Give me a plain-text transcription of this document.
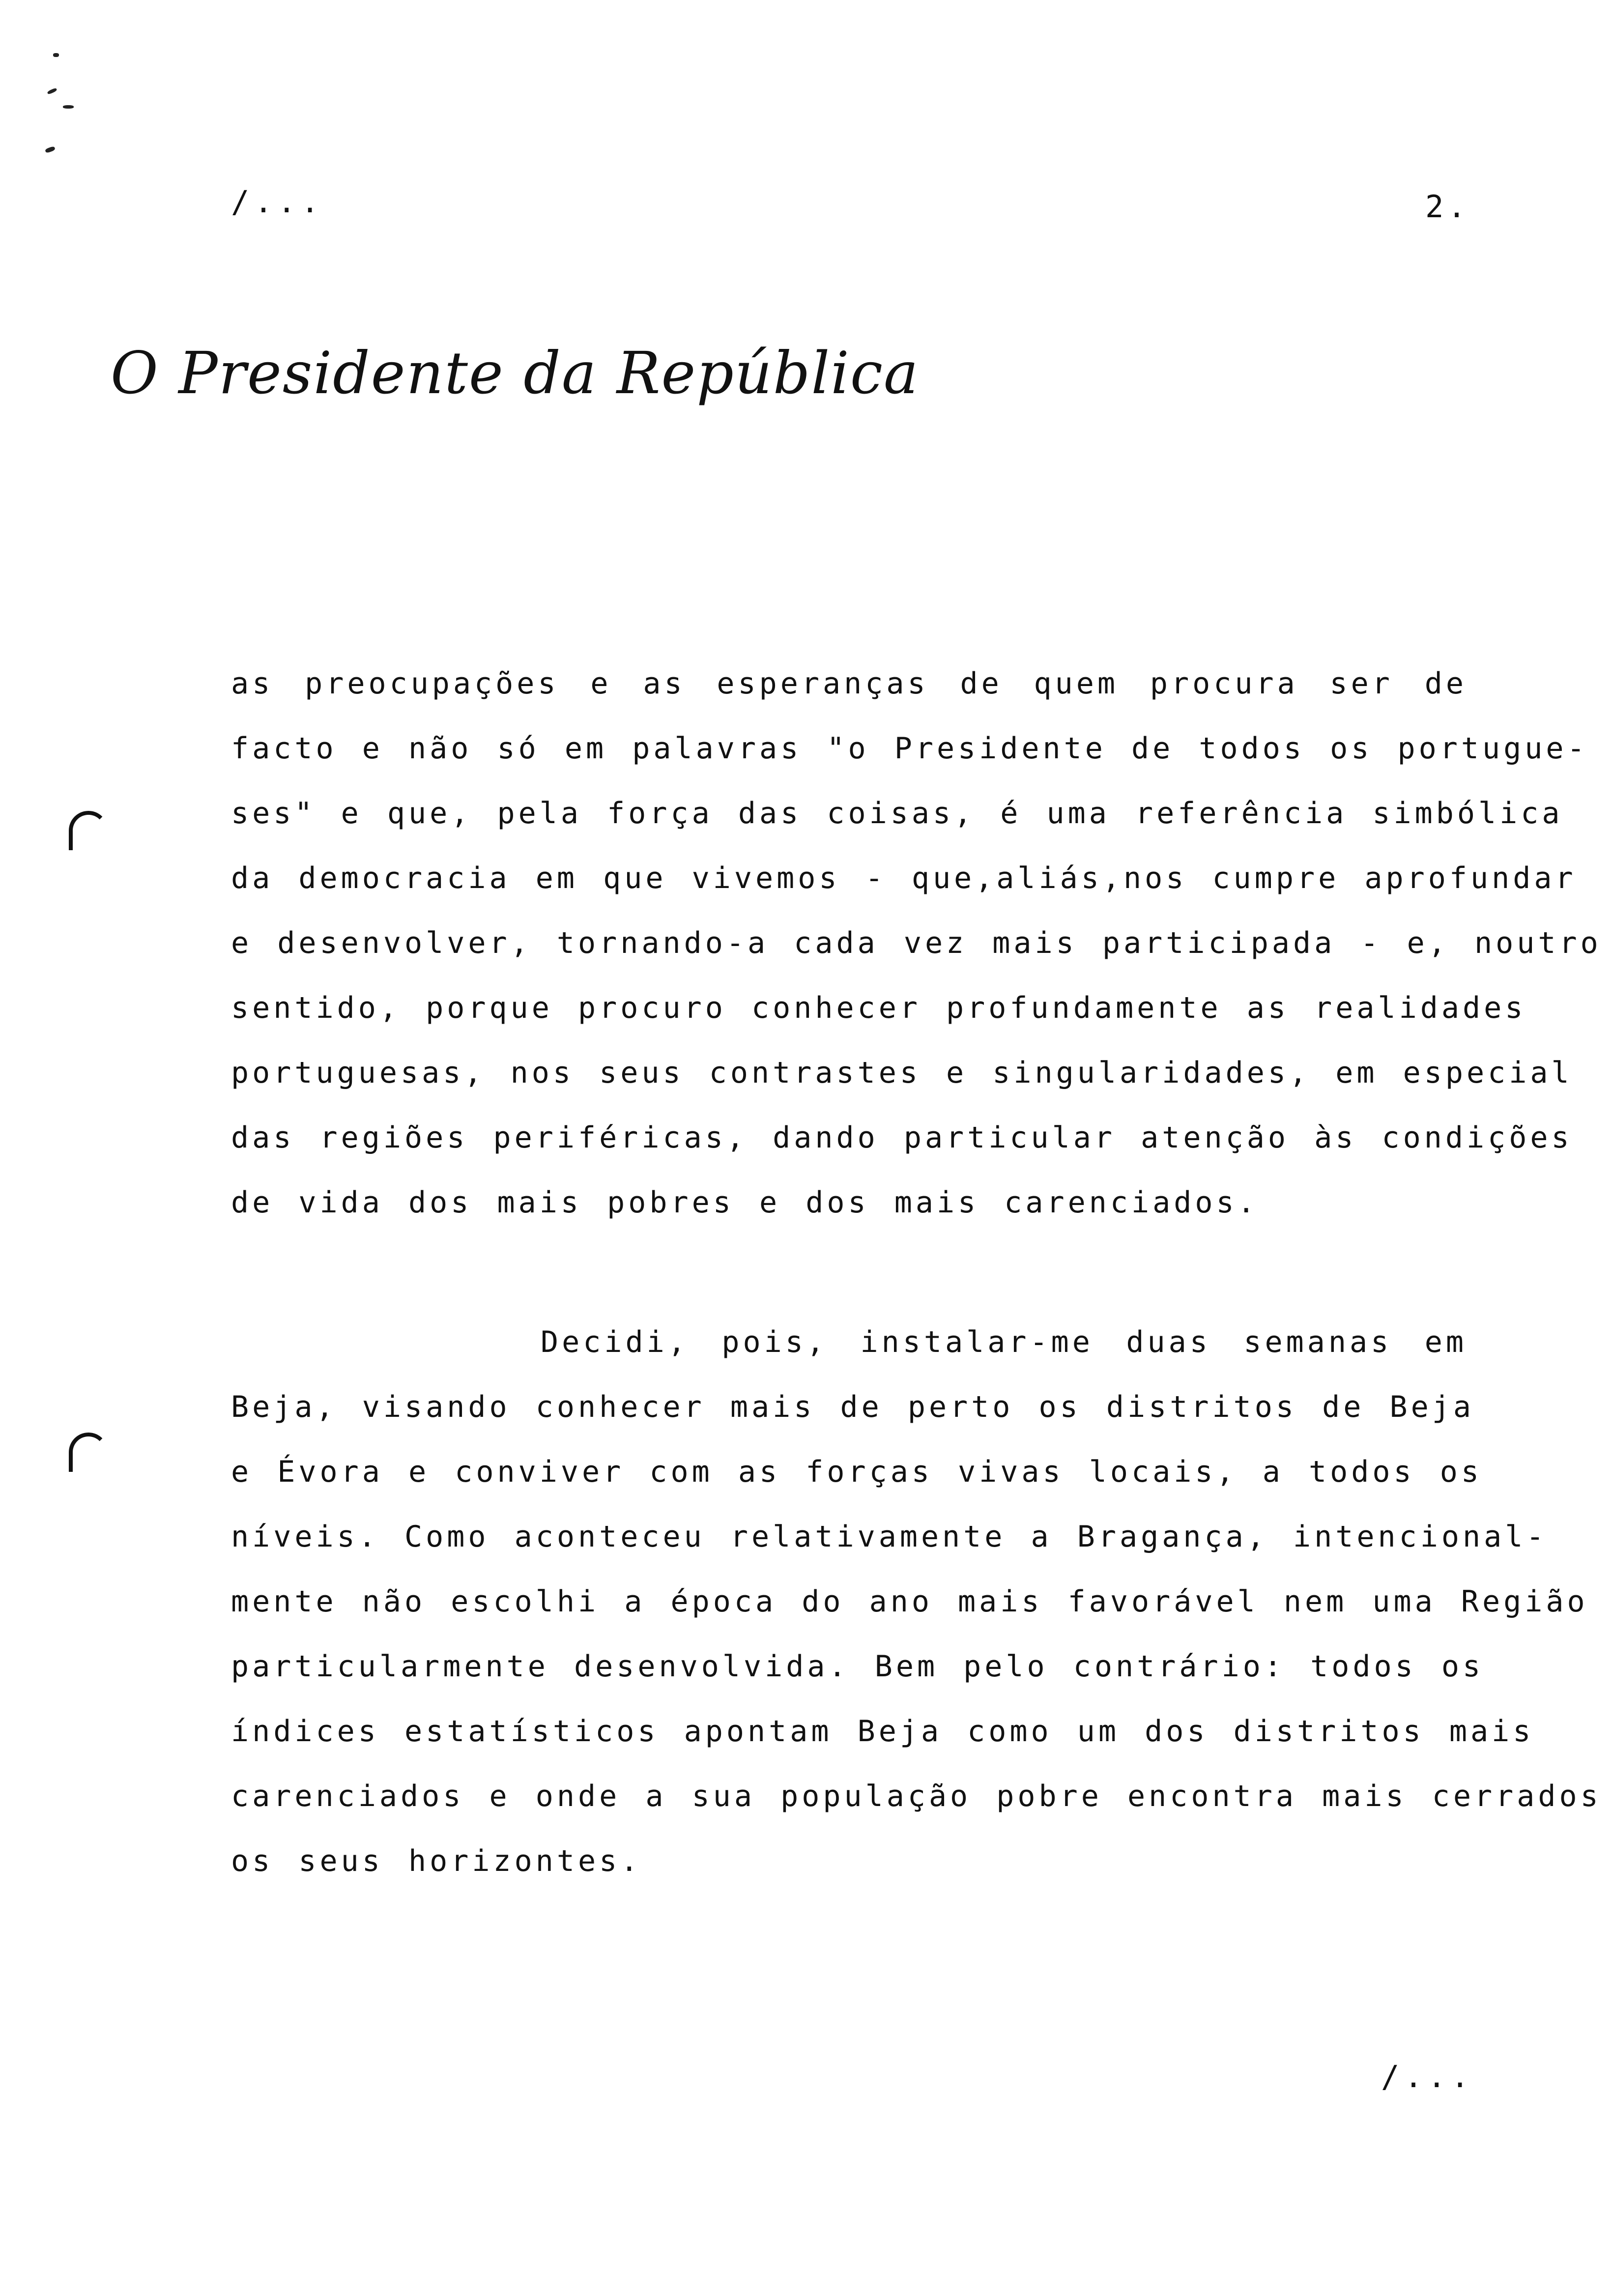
/...	2.
O Presidente da República
as preocupações e as esperanças de quem procura ser de
facto e não só em palavras "o Presidente de todos os portugue-
ses" e que, pela força das coisas, é uma referência simbólica
da democracia em que vivemos - que,aliás,nos cumpre aprofundar
e desenvolver, tornando-a cada vez mais participada - e, noutro
sentido, porque procuro conhecer profundamente as realidades
portuguesas, nos seus contrastes e singularidades, em especial
das regiões periféricas, dando particular atenção às condições
de vida dos mais pobres e dos mais carenciados.
Decidi, pois, instalar-me duas semanas em
Beja, visando conhecer mais de perto os distritos de Beja
e Évora e conviver com as forças vivas locais, a todos os
níveis. Como aconteceu relativamente a Bragança, intencional-
mente não escolhi a época do ano mais favorável nem uma Região
particularmente desenvolvida. Bem pelo contrário: todos os
índices estatísticos apontam Beja como um dos distritos mais
carenciados e onde a sua população pobre encontra mais cerrados
os seus horizontes.
/...
